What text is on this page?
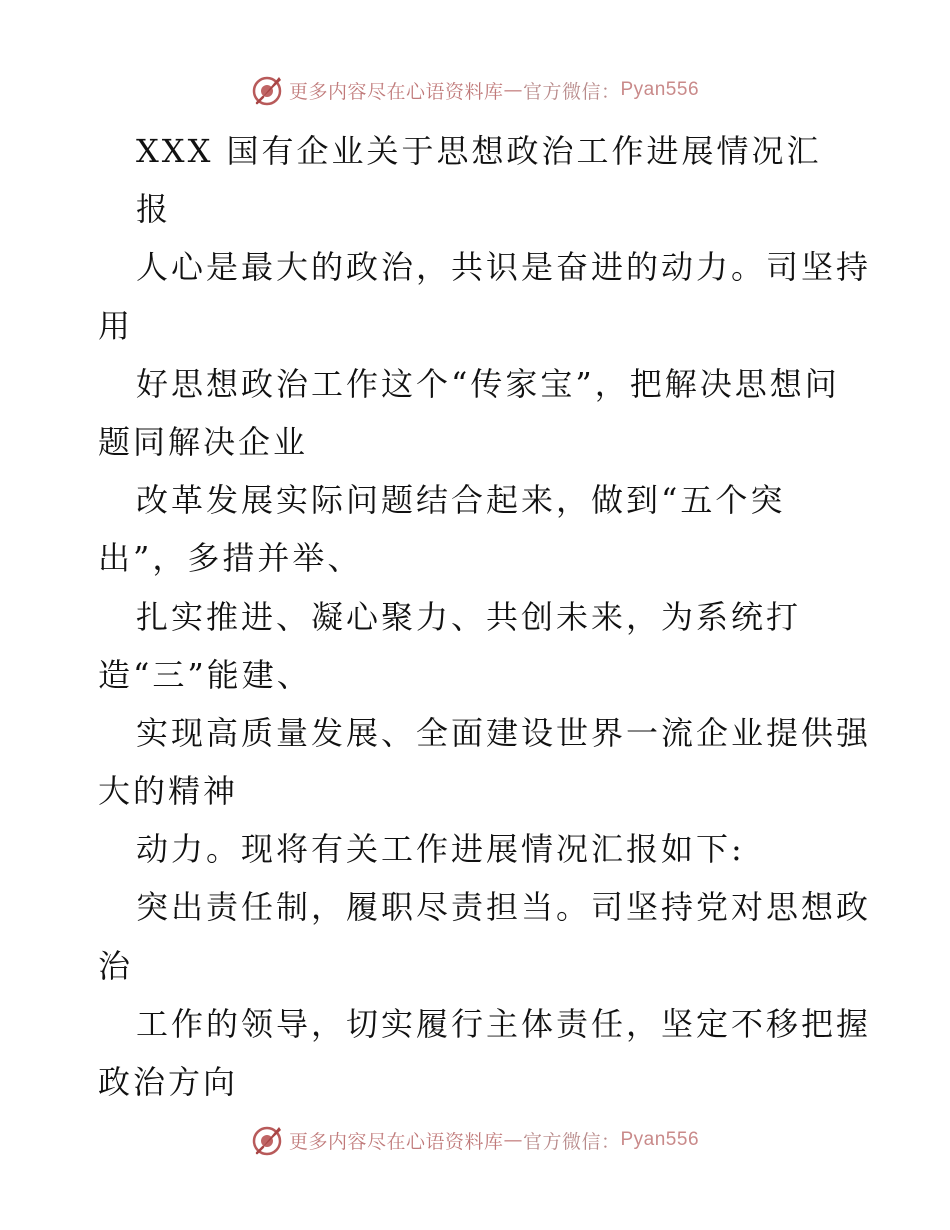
更多内容尽在心语资料库 — 官方微信： Pyan556
XXX 国有企业关于思想政治工作进展情况汇
报
人心是最大的政治，共识是奋进的动力。司坚持
用
好思想政治工作这个“传家宝”，把解决思想问
题同解决企业
改革发展实际问题结合起来，做到“五个突
出”，多措并举、
扎实推进、凝心聚力、共创未来，为系统打
造“三”能建、
实现高质量发展、全面建设世界一流企业提供强
大的精神
动力。现将有关工作进展情况汇报如下:
突出责任制，履职尽责担当。司坚持党对思想政
治
工作的领导，切实履行主体责任，坚定不移把握
政治方向
更多内容尽在心语资料库 — 官方微信： Pyan556
